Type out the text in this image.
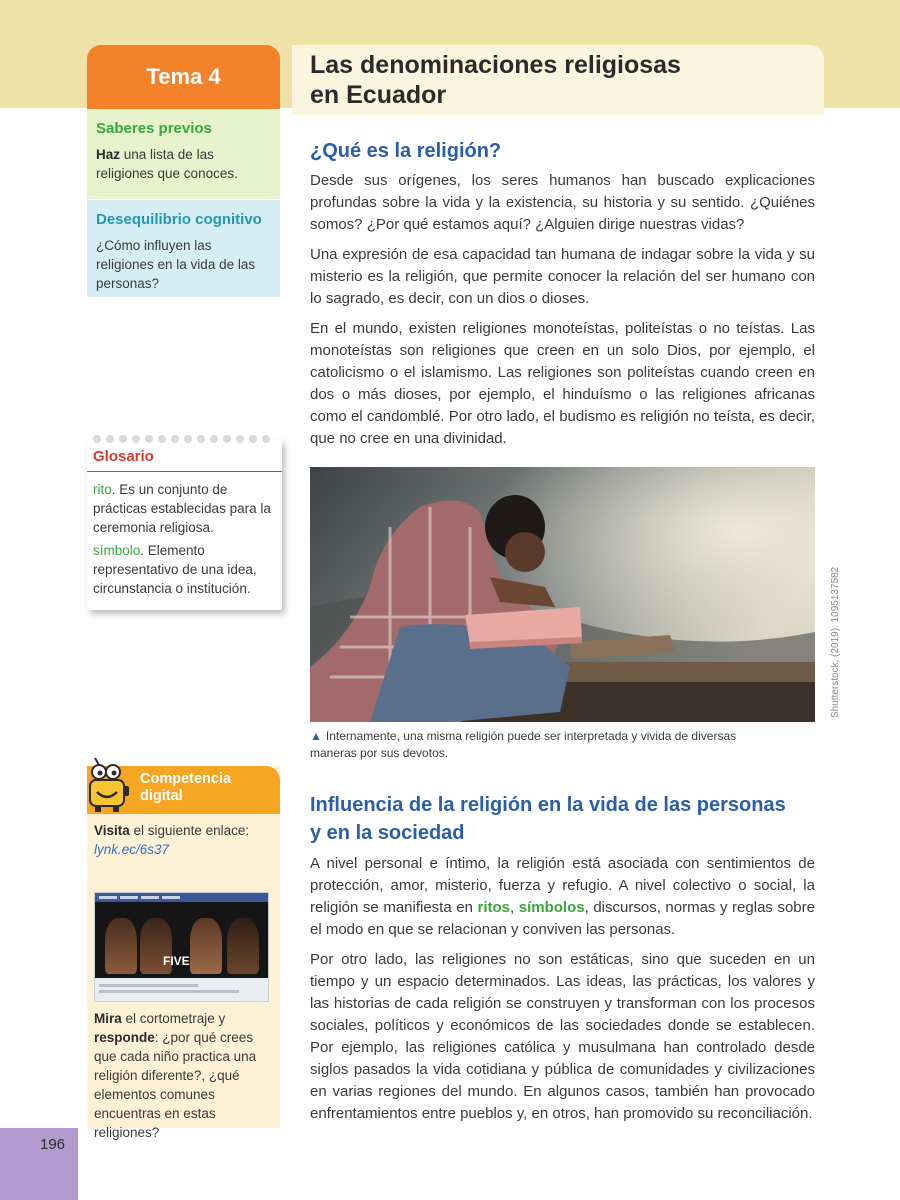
Tema 4	Las denominaciones religiosas
en Ecuador
Saberes previos
Haz una lista de las religiones que conoces.
Desequilibrio cognitivo
¿Cómo influyen las religiones en la vida de las personas?
Glosario
rito. Es un conjunto de prácticas establecidas para la ceremonia religiosa.
símbolo. Elemento representativo de una idea, circunstancia o institución.
Competencia
digital
Visita el siguiente enlace:
lynk.ec/6s37
FIVE
Mira el cortometraje y responde: ¿por qué crees que cada niño practica una religión diferente?, ¿qué elementos comunes encuentras en estas religiones?
196
¿Qué es la religión?

Desde sus orígenes, los seres humanos han buscado explicaciones profundas sobre la vida y la existencia, su historia y su sentido. ¿Quiénes somos? ¿Por qué estamos aquí? ¿Alguien dirige nuestras vidas?

Una expresión de esa capacidad tan humana de indagar sobre la vida y su misterio es la religión, que permite conocer la relación del ser humano con lo sagrado, es decir, con un dios o dioses.

En el mundo, existen religiones monoteístas, politeístas o no teístas. Las monoteístas son religiones que creen en un solo Dios, por ejemplo, el catolicismo o el islamismo. Las religiones son politeístas cuando creen en dos o más dioses, por ejemplo, el hinduísmo o las religiones africanas como el candomblé. Por otro lado, el budismo es religión no teísta, es decir, que no cree en una divinidad.

Shutterstock, (2019). 1095137582
▲ Internamente, una misma religión puede ser interpretada y vivida de diversas maneras por sus devotos.
Influencia de la religión en la vida de las personas
y en la sociedad

A nivel personal e íntimo, la religión está asociada con sentimientos de protección, amor, misterio, fuerza y refugio. A nivel colectivo o social, la religión se manifiesta en ritos, símbolos, discursos, normas y reglas sobre el modo en que se relacionan y conviven las personas.

Por otro lado, las religiones no son estáticas, sino que suceden en un tiempo y un espacio determinados. Las ideas, las prácticas, los valores y las historias de cada religión se construyen y transforman con los procesos sociales, políticos y económicos de las sociedades donde se establecen. Por ejemplo, las religiones católica y musulmana han controlado desde siglos pasados la vida cotidiana y pública de comunidades y civilizaciones en varias regiones del mundo. En algunos casos, también han provocado enfrentamientos entre pueblos y, en otros, han promovido su reconciliación.
